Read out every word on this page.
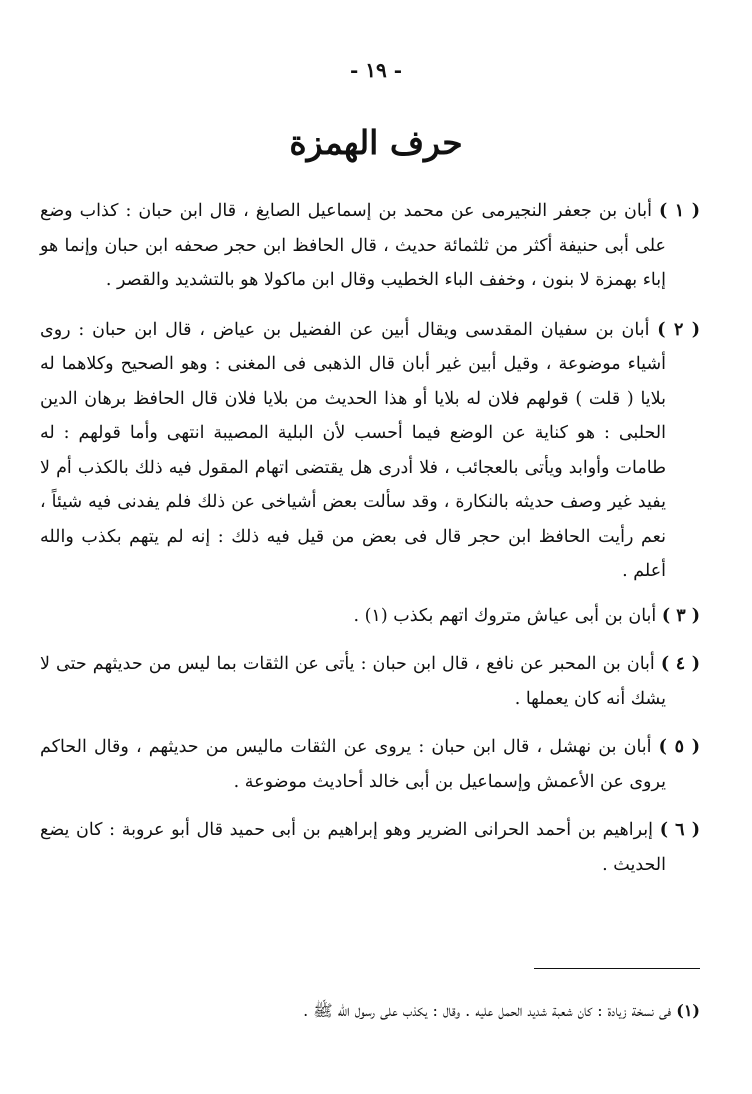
- ١٩ -
حرف الهمزة

( ١ ) أبان بن جعفر النجيرمى عن محمد بن إسماعيل الصايغ ، قال ابن حبان : كذاب وضع على أبى حنيفة أكثر من ثلثمائة حديث ، قال الحافظ ابن حجر صحفه ابن حبان وإنما هو إباء بهمزة لا بنون ، وخفف الباء الخطيب وقال ابن ماكولا هو بالتشديد والقصر .

( ٢ ) أبان بن سفيان المقدسى ويقال أبين عن الفضيل بن عياض ، قال ابن حبان : روى أشياء موضوعة ، وقيل أبين غير أبان قال الذهبى فى المغنى : وهو الصحيح وكلاهما له بلايا ( قلت ) قولهم فلان له بلايا أو هذا الحديث من بلايا فلان قال الحافظ برهان الدين الحلبى : هو كناية عن الوضع فيما أحسب لأن البلية المصيبة انتهى وأما قولهم : له طامات وأوابد ويأتى بالعجائب ، فلا أدرى هل يقتضى اتهام المقول فيه ذلك بالكذب أم لا يفيد غير وصف حديثه بالنكارة ، وقد سألت بعض أشياخى عن ذلك فلم يفدنى فيه شيئاً ، نعم رأيت الحافظ ابن حجر قال فى بعض من قيل فيه ذلك : إنه لم يتهم بكذب والله أعلم .

( ٣ ) أبان بن أبى عياش متروك اتهم بكذب (١) .

( ٤ ) أبان بن المحبر عن نافع ، قال ابن حبان : يأتى عن الثقات بما ليس من حديثهم حتى لا يشك أنه كان يعملها .

( ٥ ) أبان بن نهشل ، قال ابن حبان : يروى عن الثقات ماليس من حديثهم ، وقال الحاكم يروى عن الأعمش وإسماعيل بن أبى خالد أحاديث موضوعة .

( ٦ ) إبراهيم بن أحمد الحرانى الضرير وهو إبراهيم بن أبى حميد قال أبو عروبة : كان يضع الحديث .

(١) فى نسخة زيادة : كان شعبة شديد الحمل عليه . وقال : يكذب على رسول الله ﷺ .
